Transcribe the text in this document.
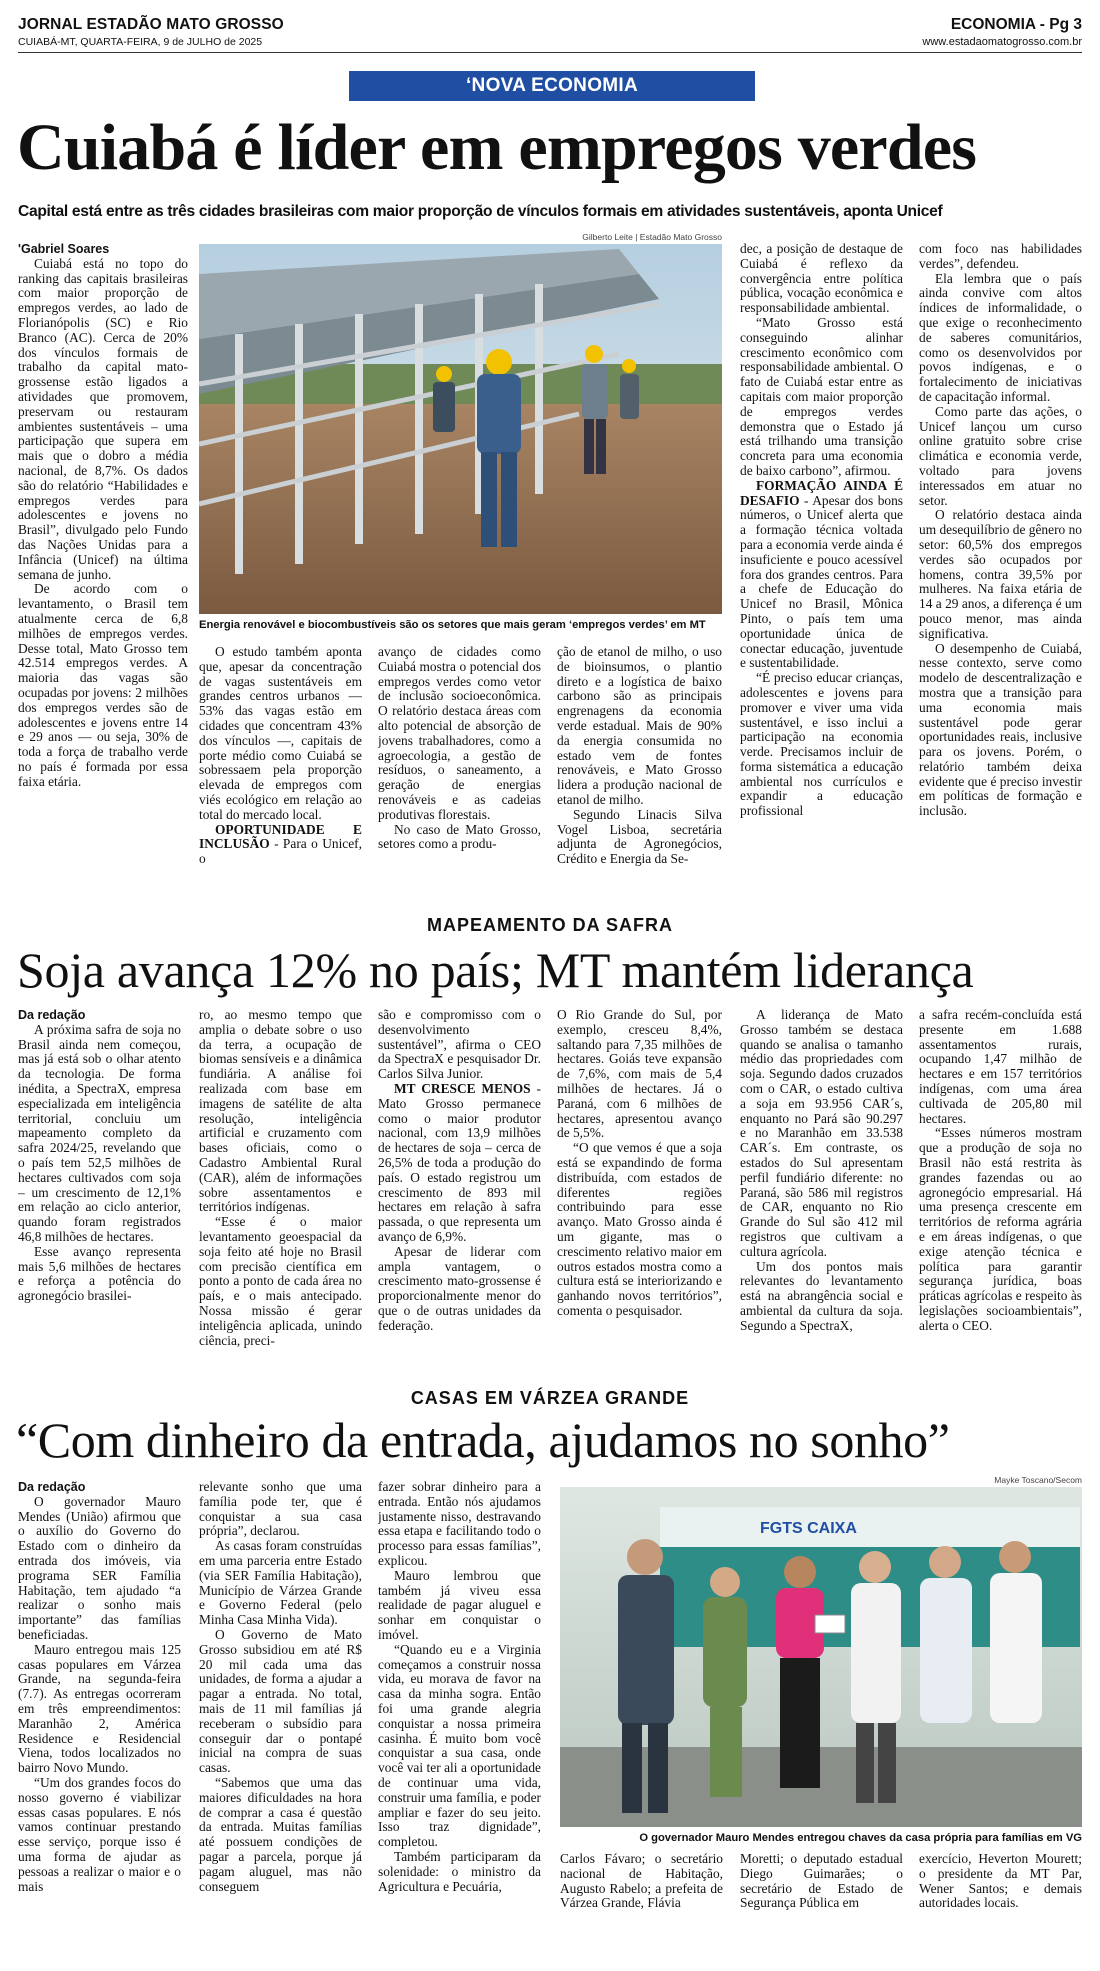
JORNAL ESTADÃO MATO GROSSO
CUIABÁ-MT, QUARTA-FEIRA, 9 de JULHO de 2025
ECONOMIA - Pg 3
www.estadaomatogrosso.com.br
‘NOVA ECONOMIA
Cuiabá é líder em empregos verdes
Capital está entre as três cidades brasileiras com maior proporção de vínculos formais em atividades sustentáveis, aponta Unicef
Gilberto Leite | Estadão Mato Grosso
Energia renovável e biocombustíveis são os setores que mais geram ‘empregos verdes’ em MT

'Gabriel Soares

Cuiabá está no topo do ranking das capitais brasileiras com maior proporção de empregos verdes, ao lado de Florianópolis (SC) e Rio Branco (AC). Cerca de 20% dos vínculos formais de trabalho da capital mato-grossense estão ligados a atividades que promovem, preservam ou restauram ambientes sustentáveis – uma participação que supera em mais que o dobro a média nacional, de 8,7%. Os dados são do relatório “Habilidades e empregos verdes para adolescentes e jovens no Brasil”, divulgado pelo Fundo das Nações Unidas para a Infância (Unicef) na última semana de junho.

De acordo com o levantamento, o Brasil tem atualmente cerca de 6,8 milhões de empregos verdes. Desse total, Mato Grosso tem 42.514 empregos verdes. A maioria das vagas são ocupadas por jovens: 2 milhões dos empregos verdes são de adolescentes e jovens entre 14 e 29 anos — ou seja, 30% de toda a força de trabalho verde no país é formada por essa faixa etária.

O estudo também aponta que, apesar da concentração de vagas sustentáveis em grandes centros urbanos — 53% das vagas estão em cidades que concentram 43% dos vínculos —, capitais de porte médio como Cuiabá se sobressaem pela proporção elevada de empregos com viés ecológico em relação ao total do mercado local.

OPORTUNIDADE E INCLUSÃO - Para o Unicef, o

avanço de cidades como Cuiabá mostra o potencial dos empregos verdes como vetor de inclusão socioeconômica. O relatório destaca áreas com alto potencial de absorção de jovens trabalhadores, como a agroecologia, a gestão de resíduos, o saneamento, a geração de energias renováveis e as cadeias produtivas florestais.

No caso de Mato Grosso, setores como a produ-

ção de etanol de milho, o uso de bioinsumos, o plantio direto e a logística de baixo carbono são as principais engrenagens da economia verde estadual. Mais de 90% da energia consumida no estado vem de fontes renováveis, e Mato Grosso lidera a produção nacional de etanol de milho.

Segundo Linacis Silva Vogel Lisboa, secretária adjunta de Agronegócios, Crédito e Energia da Se-

dec, a posição de destaque de Cuiabá é reflexo da convergência entre política pública, vocação econômica e responsabilidade ambiental.

“Mato Grosso está conseguindo alinhar crescimento econômico com responsabilidade ambiental. O fato de Cuiabá estar entre as capitais com maior proporção de empregos verdes demonstra que o Estado já está trilhando uma transição concreta para uma economia de baixo carbono”, afirmou.

FORMAÇÃO AINDA É DESAFIO - Apesar dos bons números, o Unicef alerta que a formação técnica voltada para a economia verde ainda é insuficiente e pouco acessível fora dos grandes centros. Para a chefe de Educação do Unicef no Brasil, Mônica Pinto, o país tem uma oportunidade única de conectar educação, juventude e sustentabilidade.

“É preciso educar crianças, adolescentes e jovens para promover e viver uma vida sustentável, e isso inclui a participação na economia verde. Precisamos incluir de forma sistemática a educação ambiental nos currículos e expandir a educação profissional

com foco nas habilidades verdes”, defendeu.

Ela lembra que o país ainda convive com altos índices de informalidade, o que exige o reconhecimento de saberes comunitários, como os desenvolvidos por povos indígenas, e o fortalecimento de iniciativas de capacitação informal.

Como parte das ações, o Unicef lançou um curso online gratuito sobre crise climática e economia verde, voltado para jovens interessados em atuar no setor.

O relatório destaca ainda um desequilíbrio de gênero no setor: 60,5% dos empregos verdes são ocupados por homens, contra 39,5% por mulheres. Na faixa etária de 14 a 29 anos, a diferença é um pouco menor, mas ainda significativa.

O desempenho de Cuiabá, nesse contexto, serve como modelo de descentralização e mostra que a transição para uma economia mais sustentável pode gerar oportunidades reais, inclusive para os jovens. Porém, o relatório também deixa evidente que é preciso investir em políticas de formação e inclusão.

MAPEAMENTO DA SAFRA
Soja avança 12% no país; MT mantém liderança

Da redação

A próxima safra de soja no Brasil ainda nem começou, mas já está sob o olhar atento da tecnologia. De forma inédita, a SpectraX, empresa especializada em inteligência territorial, concluiu um mapeamento completo da safra 2024/25, revelando que o país tem 52,5 milhões de hectares cultivados com soja – um crescimento de 12,1% em relação ao ciclo anterior, quando foram registrados 46,8 milhões de hectares.

Esse avanço representa mais 5,6 milhões de hectares e reforça a potência do agronegócio brasilei-

ro, ao mesmo tempo que amplia o debate sobre o uso da terra, a ocupação de biomas sensíveis e a dinâmica fundiária. A análise foi realizada com base em imagens de satélite de alta resolução, inteligência artificial e cruzamento com bases oficiais, como o Cadastro Ambiental Rural (CAR), além de informações sobre assentamentos e territórios indígenas.

“Esse é o maior levantamento geoespacial da soja feito até hoje no Brasil com precisão científica em ponto a ponto de cada área no país, e o mais antecipado. Nossa missão é gerar inteligência aplicada, unindo ciência, preci-

são e compromisso com o desenvolvimento sustentável”, afirma o CEO da SpectraX e pesquisador Dr. Carlos Silva Junior.

MT CRESCE MENOS - Mato Grosso permanece como o maior produtor nacional, com 13,9 milhões de hectares de soja – cerca de 26,5% de toda a produção do país. O estado registrou um crescimento de 893 mil hectares em relação à safra passada, o que representa um avanço de 6,9%.

Apesar de liderar com ampla vantagem, o crescimento mato-grossense é proporcionalmente menor do que o de outras unidades da federação.

O Rio Grande do Sul, por exemplo, cresceu 8,4%, saltando para 7,35 milhões de hectares. Goiás teve expansão de 7,6%, com mais de 5,4 milhões de hectares. Já o Paraná, com 6 milhões de hectares, apresentou avanço de 5,5%.

“O que vemos é que a soja está se expandindo de forma distribuída, com estados de diferentes regiões contribuindo para esse avanço. Mato Grosso ainda é um gigante, mas o crescimento relativo maior em outros estados mostra como a cultura está se interiorizando e ganhando novos territórios”, comenta o pesquisador.

A liderança de Mato Grosso também se destaca quando se analisa o tamanho médio das propriedades com soja. Segundo dados cruzados com o CAR, o estado cultiva a soja em 93.956 CAR´s, enquanto no Pará são 90.297 e no Maranhão em 33.538 CAR´s. Em contraste, os estados do Sul apresentam perfil fundiário diferente: no Paraná, são 586 mil registros de CAR, enquanto no Rio Grande do Sul são 412 mil registros que cultivam a cultura agrícola.

Um dos pontos mais relevantes do levantamento está na abrangência social e ambiental da cultura da soja. Segundo a SpectraX,

a safra recém-concluída está presente em 1.688 assentamentos rurais, ocupando 1,47 milhão de hectares e em 157 territórios indígenas, com uma área cultivada de 205,80 mil hectares.

“Esses números mostram que a produção de soja no Brasil não está restrita às grandes fazendas ou ao agronegócio empresarial. Há uma presença crescente em territórios de reforma agrária e em áreas indígenas, o que exige atenção técnica e política para garantir segurança jurídica, boas práticas agrícolas e respeito às legislações socioambientais”, alerta o CEO.

CASAS EM VÁRZEA GRANDE
“Com dinheiro da entrada, ajudamos no sonho”
Mayke Toscano/Secom
FGTS CAIXA
O governador Mauro Mendes entregou chaves da casa própria para famílias em VG

Da redação

O governador Mauro Mendes (União) afirmou que o auxílio do Governo do Estado com o dinheiro da entrada dos imóveis, via programa SER Família Habitação, tem ajudado “a realizar o sonho mais importante” das famílias beneficiadas.

Mauro entregou mais 125 casas populares em Várzea Grande, na segunda-feira (7.7). As entregas ocorreram em três empreendimentos: Maranhão 2, América Residence e Residencial Viena, todos localizados no bairro Novo Mundo.

“Um dos grandes focos do nosso governo é viabilizar essas casas populares. E nós vamos continuar prestando esse serviço, porque isso é uma forma de ajudar as pessoas a realizar o maior e o mais

relevante sonho que uma família pode ter, que é conquistar a sua casa própria”, declarou.

As casas foram construídas em uma parceria entre Estado (via SER Família Habitação), Município de Várzea Grande e Governo Federal (pelo Minha Casa Minha Vida).

O Governo de Mato Grosso subsidiou em até R$ 20 mil cada uma das unidades, de forma a ajudar a pagar a entrada. No total, mais de 11 mil famílias já receberam o subsídio para conseguir dar o pontapé inicial na compra de suas casas.

“Sabemos que uma das maiores dificuldades na hora de comprar a casa é questão da entrada. Muitas famílias até possuem condições de pagar a parcela, porque já pagam aluguel, mas não conseguem

fazer sobrar dinheiro para a entrada. Então nós ajudamos justamente nisso, destravando essa etapa e facilitando todo o processo para essas famílias”, explicou.

Mauro lembrou que também já viveu essa realidade de pagar aluguel e sonhar em conquistar o imóvel.

“Quando eu e a Virginia começamos a construir nossa vida, eu morava de favor na casa da minha sogra. Então foi uma grande alegria conquistar a nossa primeira casinha. É muito bom você conquistar a sua casa, onde você vai ter ali a oportunidade de continuar uma vida, construir uma família, e poder ampliar e fazer do seu jeito. Isso traz dignidade”, completou.

Também participaram da solenidade: o ministro da Agricultura e Pecuária,

Carlos Fávaro; o secretário nacional de Habitação, Augusto Rabelo; a prefeita de Várzea Grande, Flávia

Moretti; o deputado estadual Diego Guimarães; o secretário de Estado de Segurança Pública em

exercício, Heverton Mourett; o presidente da MT Par, Wener Santos; e demais autoridades locais.
